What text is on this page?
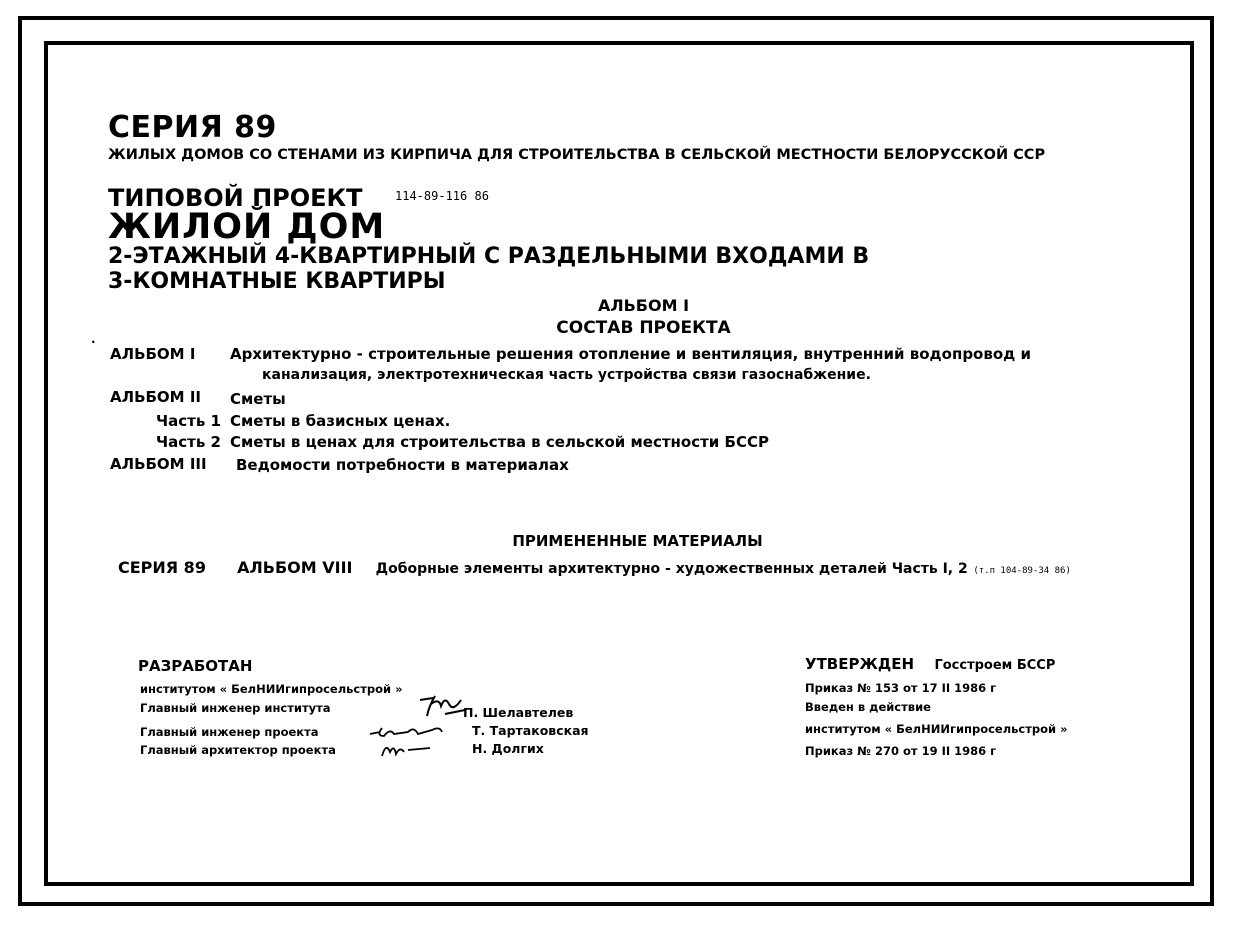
СЕРИЯ 89
ЖИЛЫХ ДОМОВ СО СТЕНАМИ ИЗ КИРПИЧА ДЛЯ СТРОИТЕЛЬСТВА В СЕЛЬСКОЙ МЕСТНОСТИ БЕЛОРУССКОЙ ССР
ТИПОВОЙ ПРОЕКТ	114-89-116 86
ЖИЛОЙ ДОМ
2-ЭТАЖНЫЙ 4-КВАРТИРНЫЙ С РАЗДЕЛЬНЫМИ ВХОДАМИ В
3-КОМНАТНЫЕ КВАРТИРЫ
АЛЬБОМ I
СОСТАВ ПРОЕКТА
·
АЛЬБОМ I	Архитектурно - строительные решения отопление и вентиляция, внутренний водопровод и
канализация, электротехническая часть устройства связи газоснабжение.
АЛЬБОМ II Сметы
Часть 1 Сметы в базисных ценах.
Часть 2 Сметы в ценах для строительства в сельской местности БССР
АЛЬБОМ III Ведомости потребности в материалах
ПРИМЕНЕННЫЕ МАТЕРИАЛЫ
СЕРИЯ 89 АЛЬБОМ VIII Доборные элементы архитектурно - художественных деталей Часть I, 2 (т.п 104-89-34 86)
РАЗРАБОТАН
институтом « БелНИИгипросельстрой »
Главный инженер института
Главный инженер проекта
Главный архитектор проекта
П. Шелавтелев
Т. Тартаковская
Н. Долгих
УТВЕРЖДЕН Госстроем БССР
Приказ № 153 от 17 II 1986 г
Введен в действие
институтом « БелНИИгипросельстрой »
Приказ № 270 от 19 II 1986 г
